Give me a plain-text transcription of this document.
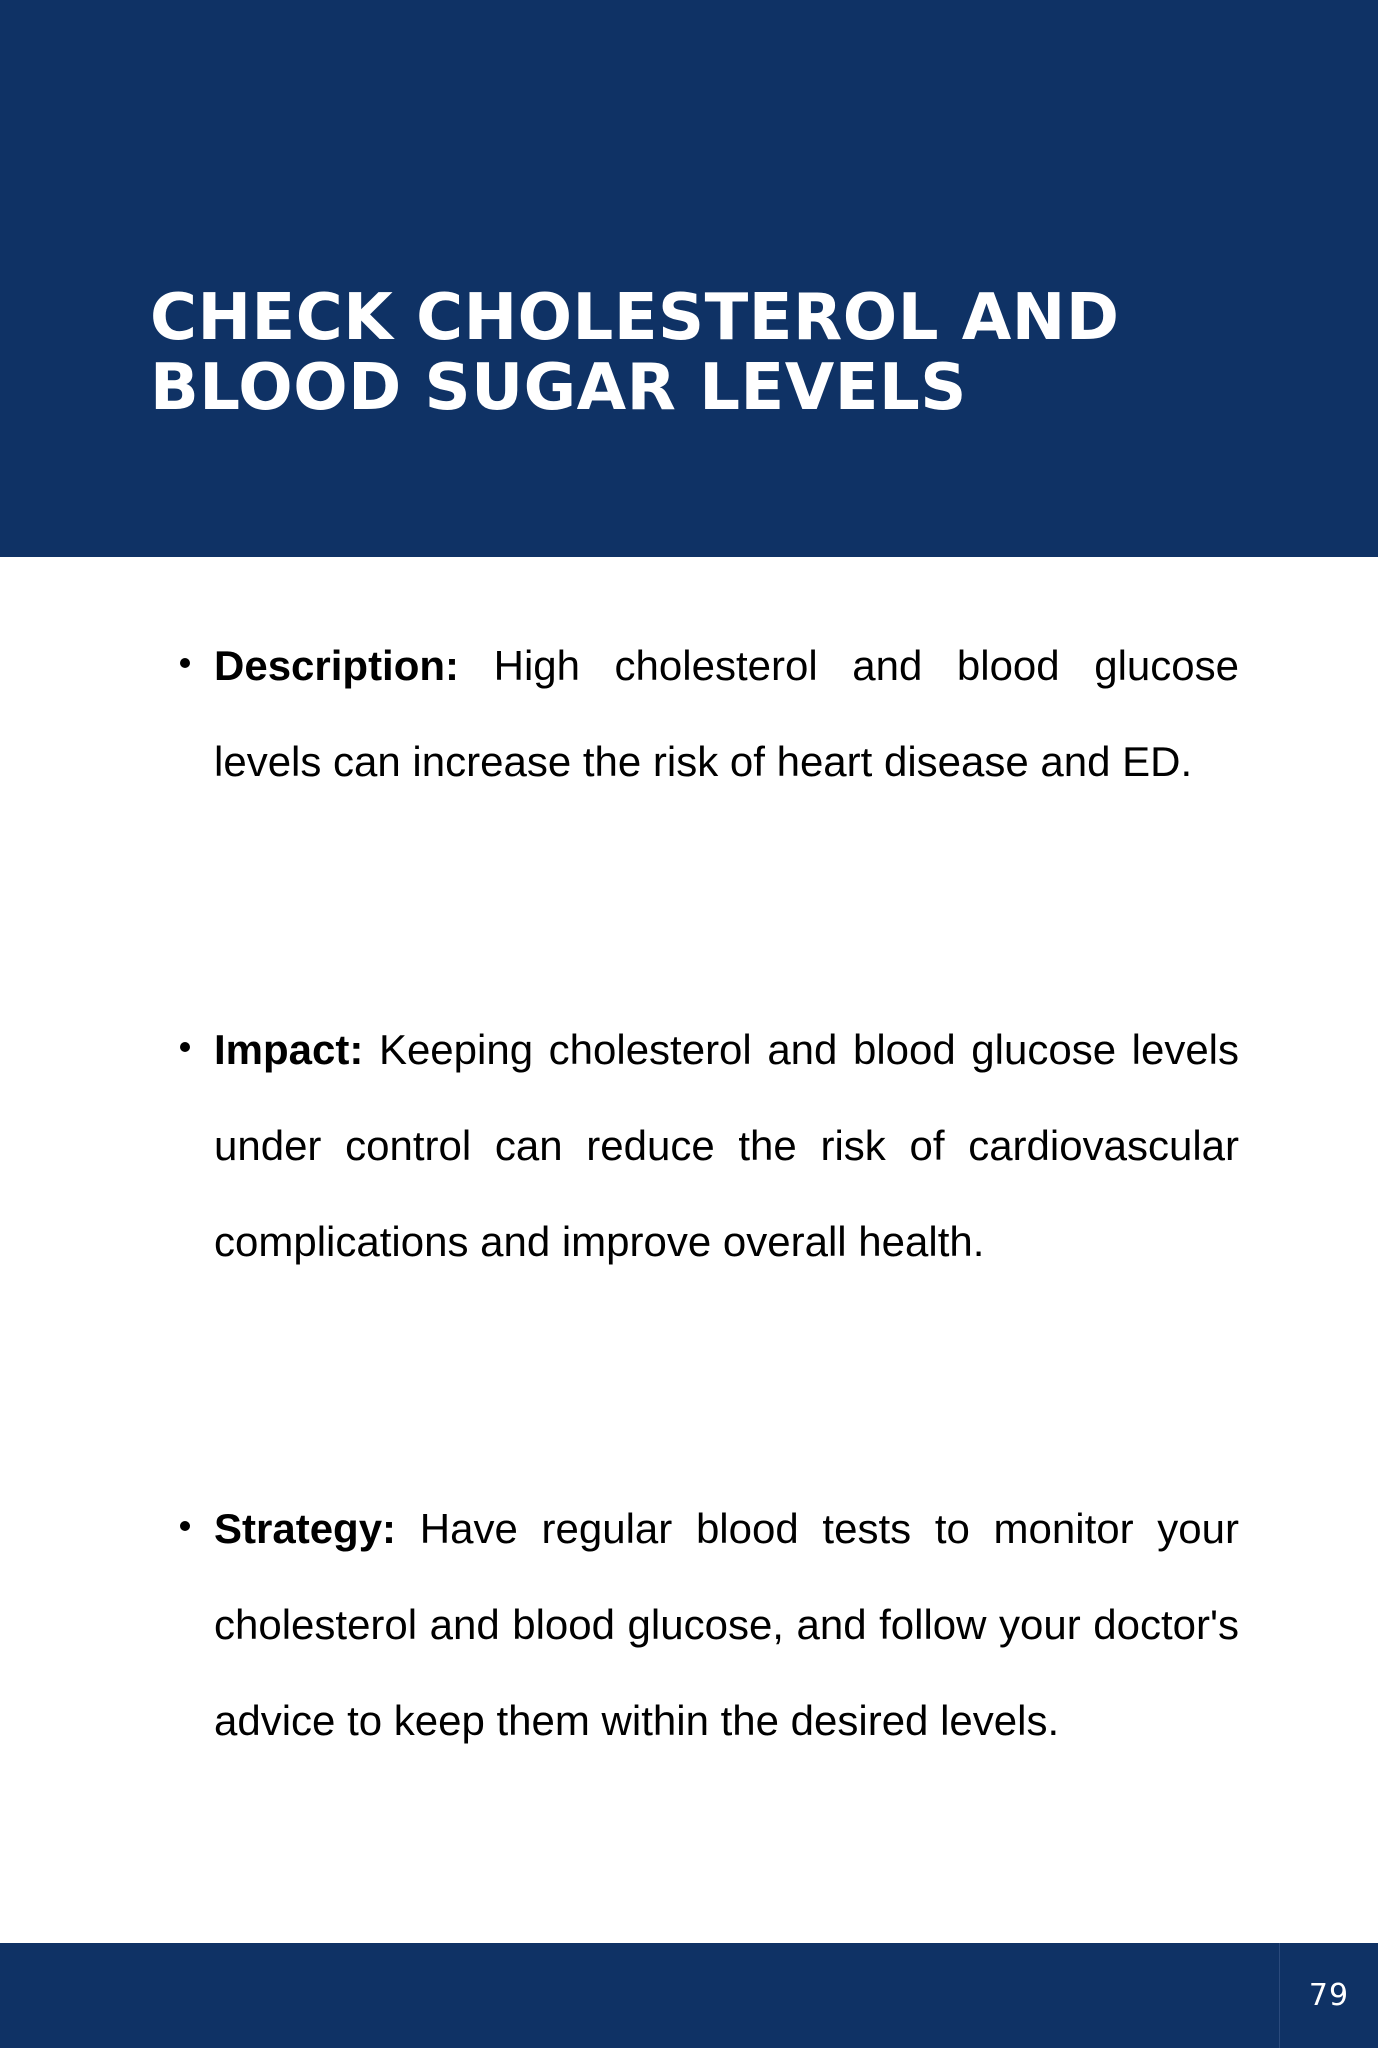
CHECK CHOLESTEROL AND
BLOOD SUGAR LEVELS

Description: High cholesterol and blood glucose levels can increase the risk of heart disease and ED.

Impact: Keeping cholesterol and blood glucose levels under control can reduce the risk of cardiovascular complications and improve overall health.

Strategy: Have regular blood tests to monitor your cholesterol and blood glucose, and follow your doctor's advice to keep them within the desired levels.

79
